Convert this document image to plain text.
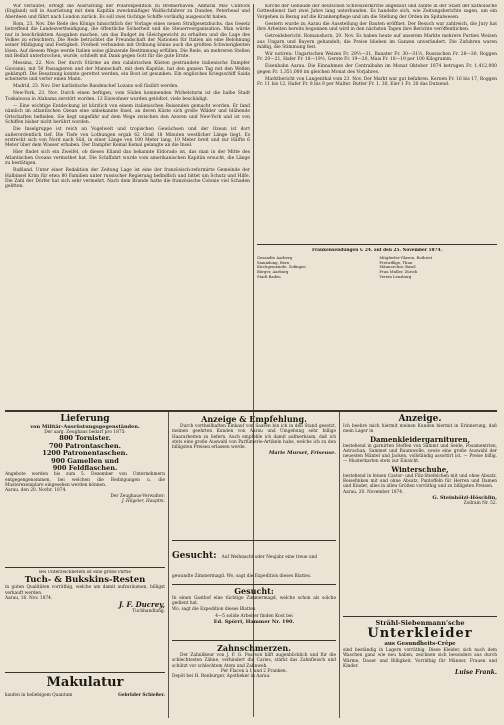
Wir verlautet, erfolgt die Ausrüstung der Polarexpedition zu Bremerhaven. Admiral Mac Clintock (England) soll in Ausrüstung mit dem Kapitän zweckmäßiger Walfischfahrer zu Dundee, Peterhead und Aberdeen und fährt nach London zurück. Es soll zwei tüchtige Schiffe vorläufig ausgesucht haben.

Rom, 23. Nov. Die Rede des Königs hinsichtlich der Vorlage eines neuen Strafgesetzbuchs, das Gesetz betreffend die Landesvertheidigung, die öffentliche Sicherheit und die Steuerreorganisation. Man würde nur in beschränktem Ausgaben machen, um das Budget im Gleichgewicht zu erhalten und die Lage des Volkes zu erleichtern. Die Rede betrachtet die Freundschaft der Nationen für Italien als eine Belohnung seiner Mäßigung und Festigkeit. Freiheit verbunden mit Ordnung könne auch die größten Schwierigkeiten lösen. Auf diesem Wege werde Italien seine glänzende Bestimmung erfüllen. Die Rede, an mehreren Stellen mit Beifall unterbrochen, wurde, schließt mit Dank gegen Gott für die gute Ernte.

Messina, 22. Nov. Der durch Stürme an den calabrischen Küsten gestrandete italienische Dampfer Giovanni, mit 50 Passagieren und der Mannschaft, mit dem Kapitän, hat den ganzen Tag mit den Wellen gekämpft. Die Besatzung konnte gerettet werden, ein Boot ist gesunken. Ein englisches Kriegsschiff Saida scheiterte und verlor einen Mann.

Madrid, 23. Nov. Der karlistische Bandenchef Lozano soll füsilirt werden.

New-York, 23. Nov. Durch einen heftigen, vom Süden kommenden Wirbelsturm ist die halbe Stadt Tuskaloosa in Alabama zerstört worden. 12 Einwohner wurden getödtet, viele beschädigt.

— Eine wichtige Entdeckung ist kürzlich von einem italienischen Reisenden gemacht worden. Er fand nämlich im atlantischen Ozean eine unbekannte Insel, an deren Küste sich große Wälder und blühende Ortschaften befinden. Sie liegt ungefähr auf dem Wege zwischen den Azoren und New-York und ist von Schiffen bisher nicht berührt worden.

Die Inselgruppe ist reich an Vogelwelt und tropischen Gewächsen und der Ozean ist dort außerordentlich tief. Die Tiefe von Lothungen ergab 62 Graß 18 Minuten westlicher Länge liegt. Es erstreckt sich von Nord nach Süd, in einer Länge von 100 Meter lang, 10 Meter breit und zur Hälfte 6 Meter über dem Wasser erhaben. Der Dampfer Kemal Kemal gelangte an die Insel.

Hier findet sich ein Zweifel, ob dieses Eiland das bekannte Eldorado ist, das man in der Mitte des Atlantischen Oceans vermuthet hat. Die Schiffahrt wurde vom amerikanischen Kapitän ersucht, die Länge zu bestätigen.

Rußland. Unter einer Redaktion der Zeitung Lage ist eine der französisch-reformirte Gemeinde der Halbinsel Krim für etwa 80 Familien unter russischer Regierung befindlich und bittet um Schutz und Hilfe. Die Zahl der Dörfer hat sich sehr vermehrt. Nach dem Brande hatte die französische Colonie viel Schaden gelitten.

Kirche der Gebäude der deutschen Schweizerkirche angebaut und zahlte in der Stadt der katholische Gottesdienst fast zwei Jahre lang unterbunden. Es handelte sich, wie Zeitungsberichte sagen, um ein Vorgehen in Bezug auf die Krankenpflege und um die Stellung der Orden im Spitalwesen.

Gestern wurde zu Aarau die Ausstellung der Bauten eröffnet. Der Besuch war zahlreich, die Jury hat ihre Arbeiten bereits begonnen und wird in den nächsten Tagen ihre Berichte veröffentlichen.

Getreidebericht. Romanshorn, 20. Nov. Es haben heute auf unserem Markte mehrere Partien Weizen aus Ungarn und Bayern gehandelt; die Preise blieben im Ganzen unverändert. Die Zufuhren waren mäßig, die Stimmung fest.

Wir notiren: Ungarischen Weizen Fr. 29½—31, Banater Fr. 30—31½, Russischen Fr. 28—30, Roggen Fr. 20—21, Hafer Fr. 18—19½, Gerste Fr. 19—20, Mais Fr. 18—19 per 100 Kilogramm.

Eisenbahn Aarau. Die Einnahmen der Centralbahn im Monat Oktober 1874 betrugen Fr. 1,412,000 gegen Fr. 1,351,000 im gleichen Monat des Vorjahres.

Marktbericht von Langenthal vom 23. Nov. Der Markt war gut befahren. Kernen Fr. 16 bis 17, Roggen Fr. 11 bis 12, Hafer Fr. 8 bis 9 per Malter. Butter Fr. 1. 30, Eier 1 Fr. 20 das Dutzend.

Frankensendungen v. 24. auf den 25. November 1874.
Gesandte Aarberg	Mitglieder-Glasen, Rothrist
Sammlung, Bern	Freiwillige, Thun
Kirchgemeinde, Zofingen	Männerchor, Basel
Bürger, Aarburg	Frau Muller, Zürich
Stadt Baden	Verein Lenzburg
Lieferung
von Militär-Ausrüstungsgegenständen.
Der aarg. Zeughaus bedarf pro 1875:
800 Tornister.
700 Patrontaschen.
1200 Patronentaschen.
900 Gamellen und
900 Feldflaschen.
Angebote werden bis zum 5. Dezember von Unternehmern entgegengenommen, bei welchen die Bedingungen u. die Musterexemplare eingesehen werden können.
Aarau, den 20. Novbr. 1874.
Der Zeughaus-Verwalter:
J. Hilgeler, Hauptm.
Bei Unterzeichnetem ist eine große Partie
Tuch- & Bukskins-Resten
in guten Qualitäten vorräthig, welche um damit aufzuräumen, billigst verkauft werden.
Aarau, 16. Nov. 1874.
J. F. Ducrey,
Tuchhandlung.
Makulatur
kaufen in beliebigem Quantum	Gebrüder Schießer.
Anzeige & Empfehlung.
Durch vortheilhaften Einkauf von Saaren bin ich in den Stand gesetzt, meinen geehrten Kunden von Aarau und Umgebung sehr billige Haararbeiten zu liefern. Auch empfehle ich damit aufmerksam, daß ich stets eine große Auswahl von Parfümerie-Artikeln habe, welche ich zu den billigsten Preisen erlassen werde.
Marie Murset, Friseuse.
Gesucht: Auf Weihnacht oder Neujahr eine treue und gewandte Zimmermagd. Wo, sagt die Expedition dieses Blattes.
Gesucht:
In einen Gasthof eine tüchtige Zimmermagd, welche schon als solche gedient hat.
Wo, sagt die Expedition dieses Blattes.
4—5 solide Arbeiter finden Kost bei
Ed. Spörri, Hammer Nr. 190.
Zahnschmerzen.
Der Zahnlikeur von J. F. G. Pearson hilft augenblicklich und für die schlechtesten Zähne, verhindert die Caries, stärkt das Zahnfleisch und schützt vor schlechtem Atem und Zahnweh.
Per Flacon à 1 und 2 Franken.
Depôt bei H. Renburger, Apotheker in Aarau.
Anzeige.
Ich beehre mich hiermit meinen Kunden hiermit in Erinnerung, daß mein Lager in
Damenkleidergarnituren,
bestehend in garnirten Stoffen von Sammt und Seide, Posamentrien, Astrachan, Sammet und Baumwolle, sowie eine große Auswahl der neuesten Mäntel und Jacken, vollständig assortirt ist. — Preise billig. — Musterkarten stets zur Einsicht.
Winterschuhe,
bestehend in feinen Castor- und Filz-Stiefelchen mit und ohne Absatz, Reisefinken mit und ohne Absatz, Pantoffeln für Herren und Damen und Kinder, alles in allen Größen vorräthig und zu billigsten Preisen.
Aarau, 20. November 1874.
G. Steinhölzl-Höschlin,
Zollrain Nr. 52.
Strähl-Siebenmann'sche
Unterkleider
aus Gesundheits-Crêpe
sind beständig in Lagern vorräthig. Diese Kleider, sich nach dem Waschen ganz wie neu haben, zeichnen sich besonders aus durch Wärme, Dauer und Billigkeit. Vorräthig für Männer, Frauen und Kinder.
Luise Frank.
